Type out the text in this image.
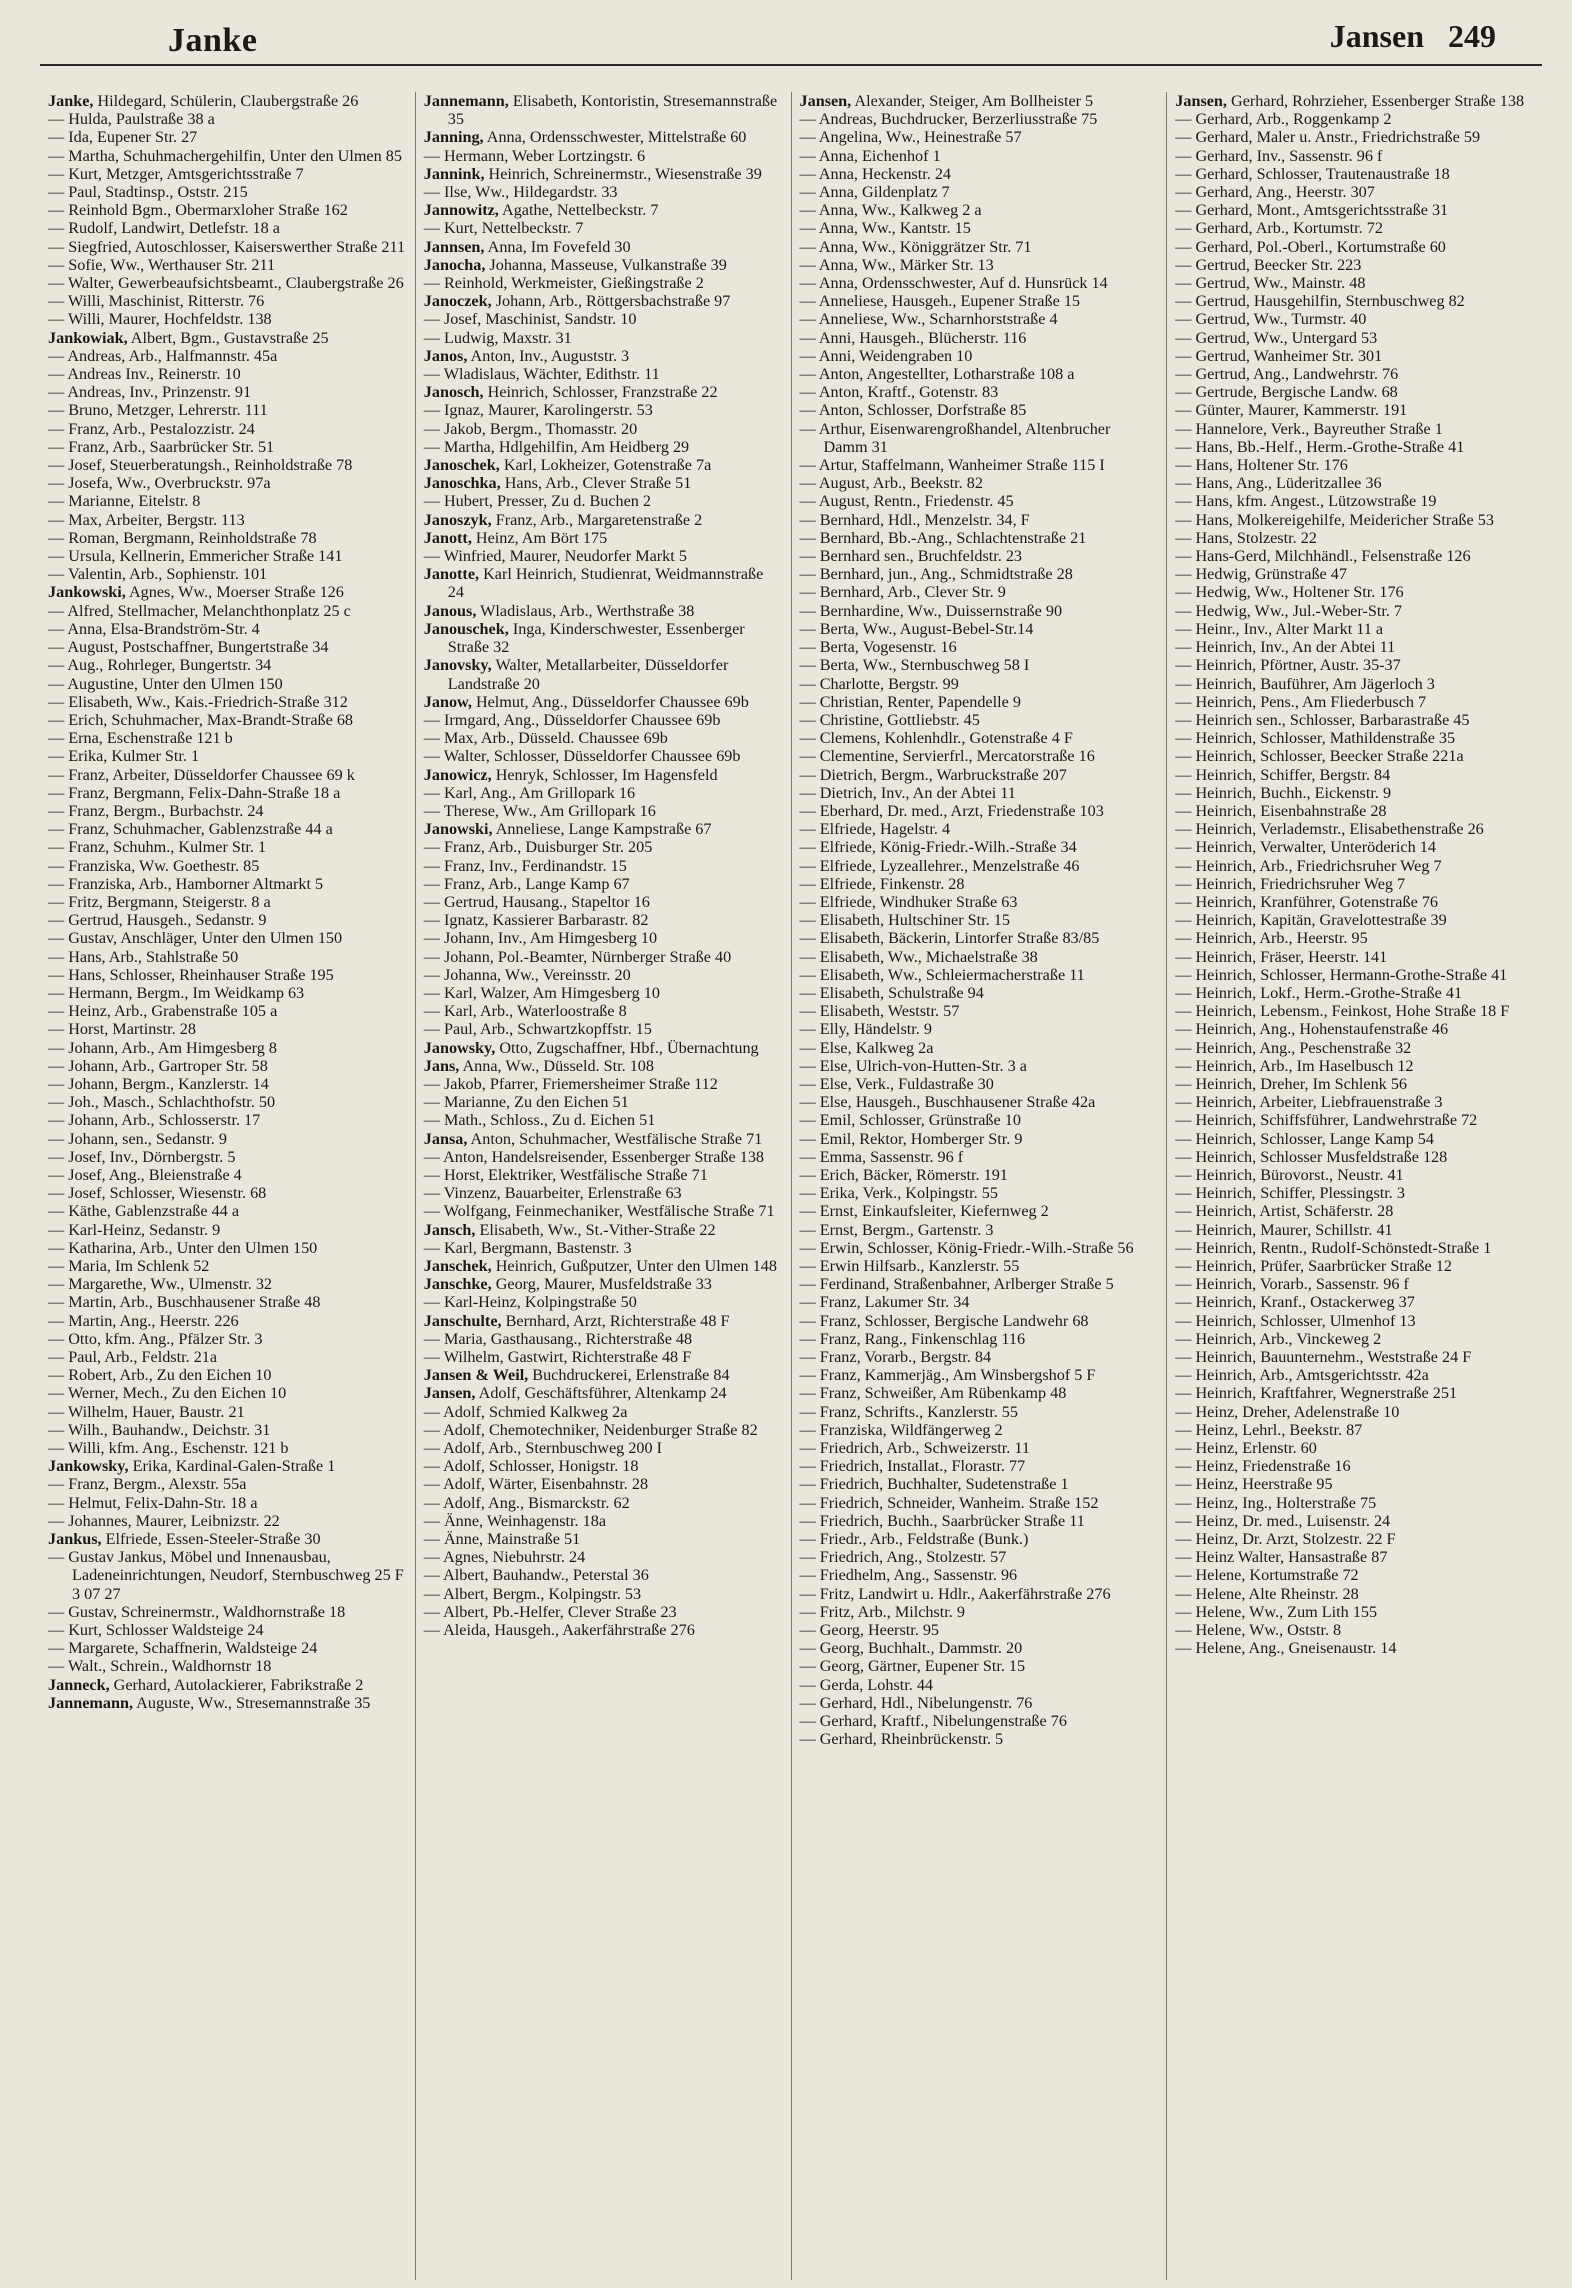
Janke	Jansen 249
Janke, Hildegard, Schülerin, Claubergstraße 26
— Hulda, Paulstraße 38 a
— Ida, Eupener Str. 27
— Martha, Schuhmachergehilfin, Unter den Ulmen 85
— Kurt, Metzger, Amtsgerichtsstraße 7
— Paul, Stadtinsp., Oststr. 215
— Reinhold Bgm., Obermarxloher Straße 162
— Rudolf, Landwirt, Detlefstr. 18 a
— Siegfried, Autoschlosser, Kaiserswerther Straße 211
— Sofie, Ww., Werthauser Str. 211
— Walter, Gewerbeaufsichtsbeamt., Claubergstraße 26
— Willi, Maschinist, Ritterstr. 76
— Willi, Maurer, Hochfeldstr. 138
Jankowiak, Albert, Bgm., Gustavstraße 25
— Andreas, Arb., Halfmannstr. 45a
— Andreas Inv., Reinerstr. 10
— Andreas, Inv., Prinzenstr. 91
— Bruno, Metzger, Lehrerstr. 111
— Franz, Arb., Pestalozzistr. 24
— Franz, Arb., Saarbrücker Str. 51
— Josef, Steuerberatungsh., Reinholdstraße 78
— Josefa, Ww., Overbruckstr. 97a
— Marianne, Eitelstr. 8
— Max, Arbeiter, Bergstr. 113
— Roman, Bergmann, Reinholdstraße 78
— Ursula, Kellnerin, Emmericher Straße 141
— Valentin, Arb., Sophienstr. 101
Jankowski, Agnes, Ww., Moerser Straße 126
— Alfred, Stellmacher, Melanchthonplatz 25 c
— Anna, Elsa-Brandström-Str. 4
— August, Postschaffner, Bungertstraße 34
— Aug., Rohrleger, Bungertstr. 34
— Augustine, Unter den Ulmen 150
— Elisabeth, Ww., Kais.-Friedrich-Straße 312
— Erich, Schuhmacher, Max-Brandt-Straße 68
— Erna, Eschenstraße 121 b
— Erika, Kulmer Str. 1
— Franz, Arbeiter, Düsseldorfer Chaussee 69 k
— Franz, Bergmann, Felix-Dahn-Straße 18 a
— Franz, Bergm., Burbachstr. 24
— Franz, Schuhmacher, Gablenzstraße 44 a
— Franz, Schuhm., Kulmer Str. 1
— Franziska, Ww. Goethestr. 85
— Franziska, Arb., Hamborner Altmarkt 5
— Fritz, Bergmann, Steigerstr. 8 a
— Gertrud, Hausgeh., Sedanstr. 9
— Gustav, Anschläger, Unter den Ulmen 150
— Hans, Arb., Stahlstraße 50
— Hans, Schlosser, Rheinhauser Straße 195
— Hermann, Bergm., Im Weidkamp 63
— Heinz, Arb., Grabenstraße 105 a
— Horst, Martinstr. 28
— Johann, Arb., Am Himgesberg 8
— Johann, Arb., Gartroper Str. 58
— Johann, Bergm., Kanzlerstr. 14
— Joh., Masch., Schlachthofstr. 50
— Johann, Arb., Schlosserstr. 17
— Johann, sen., Sedanstr. 9
— Josef, Inv., Dörnbergstr. 5
— Josef, Ang., Bleienstraße 4
— Josef, Schlosser, Wiesenstr. 68
— Käthe, Gablenzstraße 44 a
— Karl-Heinz, Sedanstr. 9
— Katharina, Arb., Unter den Ulmen 150
— Maria, Im Schlenk 52
— Margarethe, Ww., Ulmenstr. 32
— Martin, Arb., Buschhausener Straße 48
— Martin, Ang., Heerstr. 226
— Otto, kfm. Ang., Pfälzer Str. 3
— Paul, Arb., Feldstr. 21a
— Robert, Arb., Zu den Eichen 10
— Werner, Mech., Zu den Eichen 10
— Wilhelm, Hauer, Baustr. 21
— Wilh., Bauhandw., Deichstr. 31
— Willi, kfm. Ang., Eschenstr. 121 b
Jankowsky, Erika, Kardinal-Galen-Straße 1
— Franz, Bergm., Alexstr. 55a
— Helmut, Felix-Dahn-Str. 18 a
— Johannes, Maurer, Leibnizstr. 22
Jankus, Elfriede, Essen-Steeler-Straße 30
— Gustav Jankus, Möbel und Innenausbau, Ladeneinrichtungen, Neudorf, Sternbuschweg 25 F 3 07 27
— Gustav, Schreinermstr., Waldhornstraße 18
— Kurt, Schlosser Waldsteige 24
— Margarete, Schaffnerin, Waldsteige 24
— Walt., Schrein., Waldhornstr 18
Janneck, Gerhard, Autolackierer, Fabrikstraße 2
Jannemann, Auguste, Ww., Stresemannstraße 35
Jannemann, Elisabeth, Kontoristin, Stresemannstraße 35
Janning, Anna, Ordensschwester, Mittelstraße 60
— Hermann, Weber Lortzingstr. 6
Jannink, Heinrich, Schreinermstr., Wiesenstraße 39
— Ilse, Ww., Hildegardstr. 33
Jannowitz, Agathe, Nettelbeckstr. 7
— Kurt, Nettelbeckstr. 7
Jannsen, Anna, Im Fovefeld 30
Janocha, Johanna, Masseuse, Vulkanstraße 39
— Reinhold, Werkmeister, Gießingstraße 2
Janoczek, Johann, Arb., Röttgersbachstraße 97
— Josef, Maschinist, Sandstr. 10
— Ludwig, Maxstr. 31
Janos, Anton, Inv., Auguststr. 3
— Wladislaus, Wächter, Edithstr. 11
Janosch, Heinrich, Schlosser, Franzstraße 22
— Ignaz, Maurer, Karolingerstr. 53
— Jakob, Bergm., Thomasstr. 20
— Martha, Hdlgehilfin, Am Heidberg 29
Janoschek, Karl, Lokheizer, Gotenstraße 7a
Janoschka, Hans, Arb., Clever Straße 51
— Hubert, Presser, Zu d. Buchen 2
Janoszyk, Franz, Arb., Margaretenstraße 2
Janott, Heinz, Am Bört 175
— Winfried, Maurer, Neudorfer Markt 5
Janotte, Karl Heinrich, Studienrat, Weidmannstraße 24
Janous, Wladislaus, Arb., Werthstraße 38
Janouschek, Inga, Kinderschwester, Essenberger Straße 32
Janovsky, Walter, Metallarbeiter, Düsseldorfer Landstraße 20
Janow, Helmut, Ang., Düsseldorfer Chaussee 69b
— Irmgard, Ang., Düsseldorfer Chaussee 69b
— Max, Arb., Düsseld. Chaussee 69b
— Walter, Schlosser, Düsseldorfer Chaussee 69b
Janowicz, Henryk, Schlosser, Im Hagensfeld
— Karl, Ang., Am Grillopark 16
— Therese, Ww., Am Grillopark 16
Janowski, Anneliese, Lange Kampstraße 67
— Franz, Arb., Duisburger Str. 205
— Franz, Inv., Ferdinandstr. 15
— Franz, Arb., Lange Kamp 67
— Gertrud, Hausang., Stapeltor 16
— Ignatz, Kassierer Barbarastr. 82
— Johann, Inv., Am Himgesberg 10
— Johann, Pol.-Beamter, Nürnberger Straße 40
— Johanna, Ww., Vereinsstr. 20
— Karl, Walzer, Am Himgesberg 10
— Karl, Arb., Waterloostraße 8
— Paul, Arb., Schwartzkopffstr. 15
Janowsky, Otto, Zugschaffner, Hbf., Übernachtung
Jans, Anna, Ww., Düsseld. Str. 108
— Jakob, Pfarrer, Friemersheimer Straße 112
— Marianne, Zu den Eichen 51
— Math., Schloss., Zu d. Eichen 51
Jansa, Anton, Schuhmacher, Westfälische Straße 71
— Anton, Handelsreisender, Essenberger Straße 138
— Horst, Elektriker, Westfälische Straße 71
— Vinzenz, Bauarbeiter, Erlenstraße 63
— Wolfgang, Feinmechaniker, Westfälische Straße 71
Jansch, Elisabeth, Ww., St.-Vither-Straße 22
— Karl, Bergmann, Bastenstr. 3
Janschek, Heinrich, Gußputzer, Unter den Ulmen 148
Janschke, Georg, Maurer, Musfeldstraße 33
— Karl-Heinz, Kolpingstraße 50
Janschulte, Bernhard, Arzt, Richterstraße 48 F
— Maria, Gasthausang., Richterstraße 48
— Wilhelm, Gastwirt, Richterstraße 48 F
Jansen & Weil, Buchdruckerei, Erlenstraße 84
Jansen, Adolf, Geschäftsführer, Altenkamp 24
— Adolf, Schmied Kalkweg 2a
— Adolf, Chemotechniker, Neidenburger Straße 82
— Adolf, Arb., Sternbuschweg 200 I
— Adolf, Schlosser, Honigstr. 18
— Adolf, Wärter, Eisenbahnstr. 28
— Adolf, Ang., Bismarckstr. 62
— Änne, Weinhagenstr. 18a
— Änne, Mainstraße 51
— Agnes, Niebuhrstr. 24
— Albert, Bauhandw., Peterstal 36
— Albert, Bergm., Kolpingstr. 53
— Albert, Pb.-Helfer, Clever Straße 23
— Aleida, Hausgeh., Aakerfährstraße 276
Jansen, Alexander, Steiger, Am Bollheister 5
— Andreas, Buchdrucker, Berzerliusstraße 75
— Angelina, Ww., Heinestraße 57
— Anna, Eichenhof 1
— Anna, Heckenstr. 24
— Anna, Gildenplatz 7
— Anna, Ww., Kalkweg 2 a
— Anna, Ww., Kantstr. 15
— Anna, Ww., Königgrätzer Str. 71
— Anna, Ww., Märker Str. 13
— Anna, Ordensschwester, Auf d. Hunsrück 14
— Anneliese, Hausgeh., Eupener Straße 15
— Anneliese, Ww., Scharnhorststraße 4
— Anni, Hausgeh., Blücherstr. 116
— Anni, Weidengraben 10
— Anton, Angestellter, Lotharstraße 108 a
— Anton, Kraftf., Gotenstr. 83
— Anton, Schlosser, Dorfstraße 85
— Arthur, Eisenwarengroßhandel, Altenbrucher Damm 31
— Artur, Staffelmann, Wanheimer Straße 115 I
— August, Arb., Beekstr. 82
— August, Rentn., Friedenstr. 45
— Bernhard, Hdl., Menzelstr. 34, F
— Bernhard, Bb.-Ang., Schlachtenstraße 21
— Bernhard sen., Bruchfeldstr. 23
— Bernhard, jun., Ang., Schmidtstraße 28
— Bernhard, Arb., Clever Str. 9
— Bernhardine, Ww., Duissernstraße 90
— Berta, Ww., August-Bebel-Str.14
— Berta, Vogesenstr. 16
— Berta, Ww., Sternbuschweg 58 I
— Charlotte, Bergstr. 99
— Christian, Renter, Papendelle 9
— Christine, Gottliebstr. 45
— Clemens, Kohlenhdlr., Gotenstraße 4 F
— Clementine, Servierfrl., Mercatorstraße 16
— Dietrich, Bergm., Warbruckstraße 207
— Dietrich, Inv., An der Abtei 11
— Eberhard, Dr. med., Arzt, Friedenstraße 103
— Elfriede, Hagelstr. 4
— Elfriede, König-Friedr.-Wilh.-Straße 34
— Elfriede, Lyzeallehrer., Menzelstraße 46
— Elfriede, Finkenstr. 28
— Elfriede, Windhuker Straße 63
— Elisabeth, Hultschiner Str. 15
— Elisabeth, Bäckerin, Lintorfer Straße 83/85
— Elisabeth, Ww., Michaelstraße 38
— Elisabeth, Ww., Schleiermacherstraße 11
— Elisabeth, Schulstraße 94
— Elisabeth, Weststr. 57
— Elly, Händelstr. 9
— Else, Kalkweg 2a
— Else, Ulrich-von-Hutten-Str. 3 a
— Else, Verk., Fuldastraße 30
— Else, Hausgeh., Buschhausener Straße 42a
— Emil, Schlosser, Grünstraße 10
— Emil, Rektor, Homberger Str. 9
— Emma, Sassenstr. 96 f
— Erich, Bäcker, Römerstr. 191
— Erika, Verk., Kolpingstr. 55
— Ernst, Einkaufsleiter, Kiefernweg 2
— Ernst, Bergm., Gartenstr. 3
— Erwin, Schlosser, König-Friedr.-Wilh.-Straße 56
— Erwin Hilfsarb., Kanzlerstr. 55
— Ferdinand, Straßenbahner, Arlberger Straße 5
— Franz, Lakumer Str. 34
— Franz, Schlosser, Bergische Landwehr 68
— Franz, Rang., Finkenschlag 116
— Franz, Vorarb., Bergstr. 84
— Franz, Kammerjäg., Am Winsbergshof 5 F
— Franz, Schweißer, Am Rübenkamp 48
— Franz, Schrifts., Kanzlerstr. 55
— Franziska, Wildfängerweg 2
— Friedrich, Arb., Schweizerstr. 11
— Friedrich, Installat., Florastr. 77
— Friedrich, Buchhalter, Sudetenstraße 1
— Friedrich, Schneider, Wanheim. Straße 152
— Friedrich, Buchh., Saarbrücker Straße 11
— Friedr., Arb., Feldstraße (Bunk.)
— Friedrich, Ang., Stolzestr. 57
— Friedhelm, Ang., Sassenstr. 96
— Fritz, Landwirt u. Hdlr., Aakerfährstraße 276
— Fritz, Arb., Milchstr. 9
— Georg, Heerstr. 95
— Georg, Buchhalt., Dammstr. 20
— Georg, Gärtner, Eupener Str. 15
— Gerda, Lohstr. 44
— Gerhard, Hdl., Nibelungenstr. 76
— Gerhard, Kraftf., Nibelungenstraße 76
— Gerhard, Rheinbrückenstr. 5
Jansen, Gerhard, Rohrzieher, Essenberger Straße 138
— Gerhard, Arb., Roggenkamp 2
— Gerhard, Maler u. Anstr., Friedrichstraße 59
— Gerhard, Inv., Sassenstr. 96 f
— Gerhard, Schlosser, Trautenaustraße 18
— Gerhard, Ang., Heerstr. 307
— Gerhard, Mont., Amtsgerichtsstraße 31
— Gerhard, Arb., Kortumstr. 72
— Gerhard, Pol.-Oberl., Kortumstraße 60
— Gertrud, Beecker Str. 223
— Gertrud, Ww., Mainstr. 48
— Gertrud, Hausgehilfin, Sternbuschweg 82
— Gertrud, Ww., Turmstr. 40
— Gertrud, Ww., Untergard 53
— Gertrud, Wanheimer Str. 301
— Gertrud, Ang., Landwehrstr. 76
— Gertrude, Bergische Landw. 68
— Günter, Maurer, Kammerstr. 191
— Hannelore, Verk., Bayreuther Straße 1
— Hans, Bb.-Helf., Herm.-Grothe-Straße 41
— Hans, Holtener Str. 176
— Hans, Ang., Lüderitzallee 36
— Hans, kfm. Angest., Lützowstraße 19
— Hans, Molkereigehilfe, Meidericher Straße 53
— Hans, Stolzestr. 22
— Hans-Gerd, Milchhändl., Felsenstraße 126
— Hedwig, Grünstraße 47
— Hedwig, Ww., Holtener Str. 176
— Hedwig, Ww., Jul.-Weber-Str. 7
— Heinr., Inv., Alter Markt 11 a
— Heinrich, Inv., An der Abtei 11
— Heinrich, Pförtner, Austr. 35-37
— Heinrich, Bauführer, Am Jägerloch 3
— Heinrich, Pens., Am Fliederbusch 7
— Heinrich sen., Schlosser, Barbarastraße 45
— Heinrich, Schlosser, Mathildenstraße 35
— Heinrich, Schlosser, Beecker Straße 221a
— Heinrich, Schiffer, Bergstr. 84
— Heinrich, Buchh., Eickenstr. 9
— Heinrich, Eisenbahnstraße 28
— Heinrich, Verlademstr., Elisabethenstraße 26
— Heinrich, Verwalter, Unteröderich 14
— Heinrich, Arb., Friedrichsruher Weg 7
— Heinrich, Friedrichsruher Weg 7
— Heinrich, Kranführer, Gotenstraße 76
— Heinrich, Kapitän, Gravelottestraße 39
— Heinrich, Arb., Heerstr. 95
— Heinrich, Fräser, Heerstr. 141
— Heinrich, Schlosser, Hermann-Grothe-Straße 41
— Heinrich, Lokf., Herm.-Grothe-Straße 41
— Heinrich, Lebensm., Feinkost, Hohe Straße 18 F
— Heinrich, Ang., Hohenstaufenstraße 46
— Heinrich, Ang., Peschenstraße 32
— Heinrich, Arb., Im Haselbusch 12
— Heinrich, Dreher, Im Schlenk 56
— Heinrich, Arbeiter, Liebfrauenstraße 3
— Heinrich, Schiffsführer, Landwehrstraße 72
— Heinrich, Schlosser, Lange Kamp 54
— Heinrich, Schlosser Musfeldstraße 128
— Heinrich, Bürovorst., Neustr. 41
— Heinrich, Schiffer, Plessingstr. 3
— Heinrich, Artist, Schäferstr. 28
— Heinrich, Maurer, Schillstr. 41
— Heinrich, Rentn., Rudolf-Schönstedt-Straße 1
— Heinrich, Prüfer, Saarbrücker Straße 12
— Heinrich, Vorarb., Sassenstr. 96 f
— Heinrich, Kranf., Ostackerweg 37
— Heinrich, Schlosser, Ulmenhof 13
— Heinrich, Arb., Vinckeweg 2
— Heinrich, Bauunternehm., Weststraße 24 F
— Heinrich, Arb., Amtsgerichtsstr. 42a
— Heinrich, Kraftfahrer, Wegnerstraße 251
— Heinz, Dreher, Adelenstraße 10
— Heinz, Lehrl., Beekstr. 87
— Heinz, Erlenstr. 60
— Heinz, Friedenstraße 16
— Heinz, Heerstraße 95
— Heinz, Ing., Holterstraße 75
— Heinz, Dr. med., Luisenstr. 24
— Heinz, Dr. Arzt, Stolzestr. 22 F
— Heinz Walter, Hansastraße 87
— Helene, Kortumstraße 72
— Helene, Alte Rheinstr. 28
— Helene, Ww., Zum Lith 155
— Helene, Ww., Oststr. 8
— Helene, Ang., Gneisenaustr. 14
